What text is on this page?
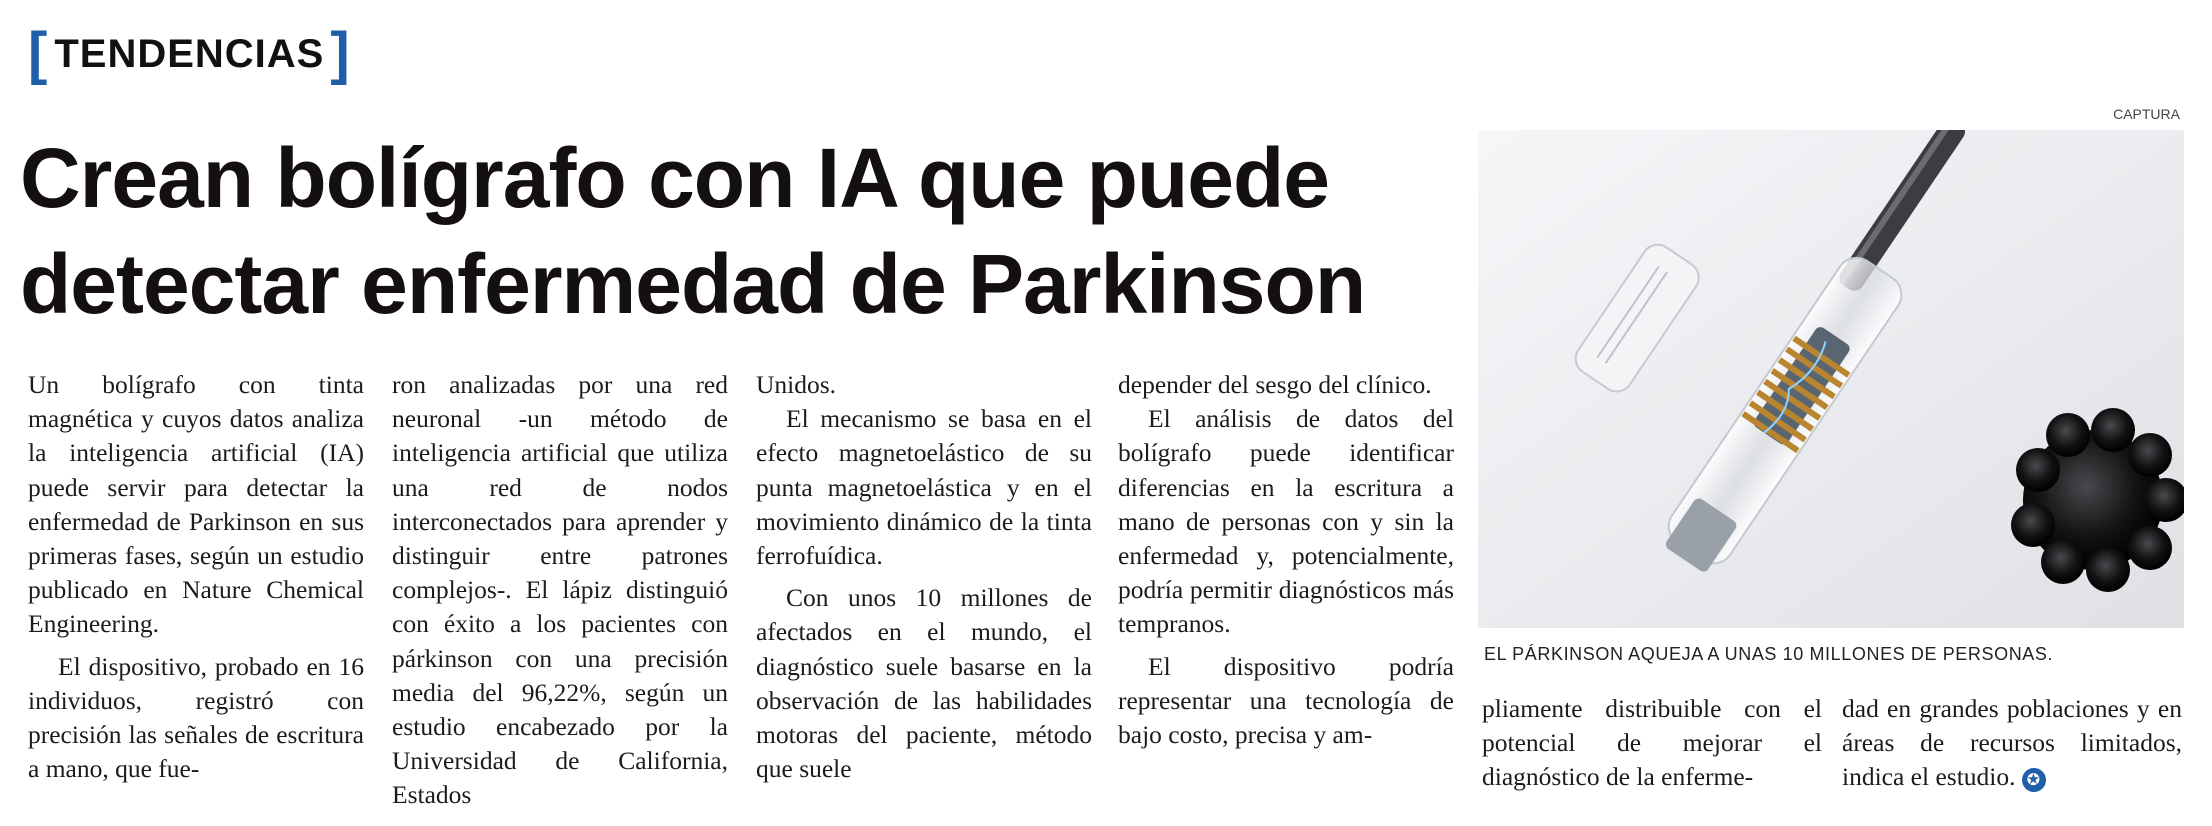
[ TENDENCIAS ]
Crean bolígrafo con IA que puede detectar enfermedad de Parkinson

Un bolígrafo con tinta magnética y cuyos datos analiza la inteligencia artificial (IA) puede servir para detectar la enfermedad de Parkinson en sus primeras fases, según un estudio publicado en Nature Chemical Engineering.

El dispositivo, probado en 16 individuos, registró con precisión las señales de escritura a mano, que fue-

ron analizadas por una red neuronal -un método de inteligencia artificial que utiliza una red de nodos interconectados para aprender y distinguir entre patrones complejos-. El lápiz distinguió con éxito a los pacientes con párkinson con una precisión media del 96,22%, según un estudio encabezado por la Universidad de California, Estados

Unidos.

El mecanismo se basa en el efecto magnetoelástico de su punta magnetoelástica y en el movimiento dinámico de la tinta ferrofuídica.

Con unos 10 millones de afectados en el mundo, el diagnóstico suele basarse en la observación de las habilidades motoras del paciente, método que suele

depender del sesgo del clínico.

El análisis de datos del bolígrafo puede identificar diferencias en la escritura a mano de personas con y sin la enfermedad y, potencialmente, podría permitir diagnósticos más tempranos.

El dispositivo podría representar una tecnología de bajo costo, precisa y am-

pliamente distribuible con el potencial de mejorar el diagnóstico de la enferme-

dad en grandes poblaciones y en áreas de recursos limitados, indica el estudio. ✪

CAPTURA
EL PÁRKINSON AQUEJA A UNAS 10 MILLONES DE PERSONAS.
